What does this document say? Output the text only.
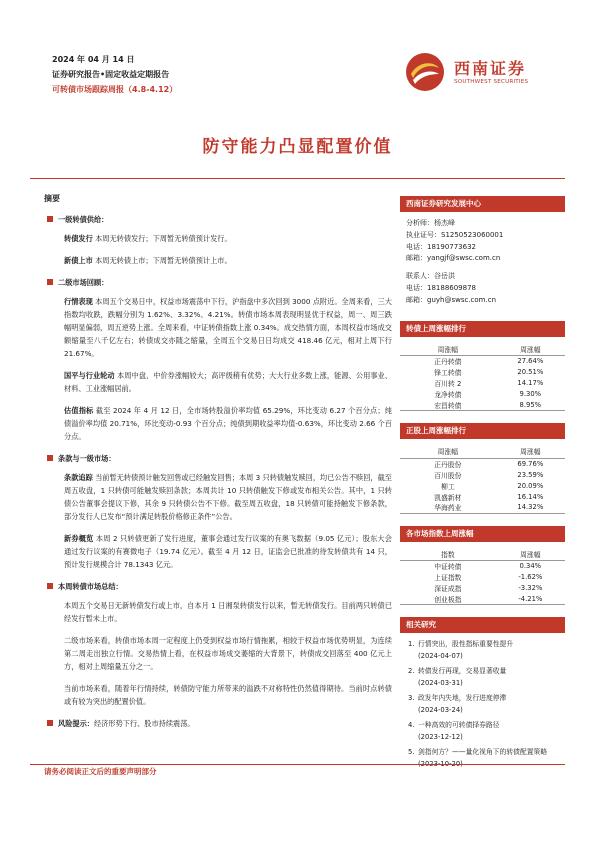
2024 年 04 月 14 日
证券研究报告•固定收益定期报告
可转债市场跟踪周报（4.8-4.12）
西南证券
SOUTHWEST SECURITIES
防守能力凸显配置价值
摘要
一级转债供给：
转债发行 本周无转债发行；下周暂无转债预计发行。
新债上市 本周无转债上市；下周暂无转债预计上市。
二级市场回顾：
行情表现 本周五个交易日中，权益市场震荡中下行，沪指盘中多次回到 3000 点附近。全周来看，三大指数均收跌，跌幅分别为 1.62%、3.32%、4.21%。转债市场本周表现明显优于权益，周一、周三跌幅明显偏弱，周五逆势上涨。全周来看，中证转债指数上涨 0.34%。成交热情方面，本周权益市场成交额缩量至八千亿左右；转债成交亦随之缩量，全周五个交易日日均成交 418.46 亿元，相对上周下行 21.67%。
国平与行业轮动 本周中盘、中价券涨幅较大；高评级稍有优势；大大行业多数上涨，能源、公用事业、材料、工业涨幅居前。
估值指标 截至 2024 年 4 月 12 日，全市场转股溢价率均值 65.29%，环比变动 6.27 个百分点；纯债溢价率均值 20.71%，环比变动-0.93 个百分点；纯债到期收益率均值-0.63%，环比变动 2.66 个百分点。
条款与一级市场：
条款追踪 当前暂无转债预计触发回售或已经触发回售；本周 3 只转债触发赎回，均已公告不赎回，截至周五收盘，1 只转债可能触发赎回条款；本周共计 10 只转债触发下修或发布相关公告。其中，1 只转债公告董事会提议下修，其余 9 只转债公告不下修。截至周五收盘，18 只转债可能持触发下修条款，部分发行人已发布“预计满足转股价格修正条件”公告。
新券概览 本周 2 只转债更新了发行进度，董事会通过发行议案的有奥飞数据（9.05 亿元）；股东大会通过发行议案的有赛微电子（19.74 亿元）。截至 4 月 12 日，证监会已批准的待发转债共有 14 只，预计发行规模合计 78.1343 亿元。
本周转债市场总结：
本周五个交易日无新转债发行或上市，自本月 1 日湘泵转债发行以来，暂无转债发行。目前两只转债已经发行暂未上市。
二级市场来看，转债市场本周一定程度上仍受到权益市场行情拖累，相较于权益市场优势明显，为连续第二周走出独立行情。交易热情上看，在权益市场成交萎缩的大背景下，转债成交回落至 400 亿元上方，相对上周缩量五分之一。
当前市场来看，随着年行情持续，转债防守能力所带来的溢跌不对称特性仍然值得期待。当前时点转债或有较为突出的配置价值。
风险提示：经济形势下行、股市持续震荡。
西南证券研究发展中心
分析师：杨杰峰
执业证号：S1250523060001
电话：18190773632
邮箱：yangjf@swsc.com.cn
联系人：谷岳洪
电话：18188609878
邮箱：guyh@swsc.com.cn
转债上周涨幅排行
周涨幅	周涨幅
正丹转债	27.64%
锋工转债	20.51%
百川转 2	14.17%
龙净转债	9.30%
宏昌转债	8.95%
正股上周涨幅排行
周涨幅	周涨幅
正丹股份	69.76%
百川股份	23.59%
柳工	20.09%
凯盛新材	16.14%
华海药业	14.32%
各市场指数上周涨幅
指数	周涨幅
中证转债	0.34%
上证指数	-1.62%
深证成指	-3.32%
创业板指	-4.21%
相关研究
1. 行情突出，股性指标重要性提升
(2024-04-07)
2. 转债发行再现，交易显著收量
(2024-03-31)
3. 政发年内失地，发行进度停滞
(2024-03-24)
4. 一种高效的可转债择券路径
(2023-12-12)
5. 剑指何方？——量化视角下的转债配置策略
请务必阅读正文后的重要声明部分
